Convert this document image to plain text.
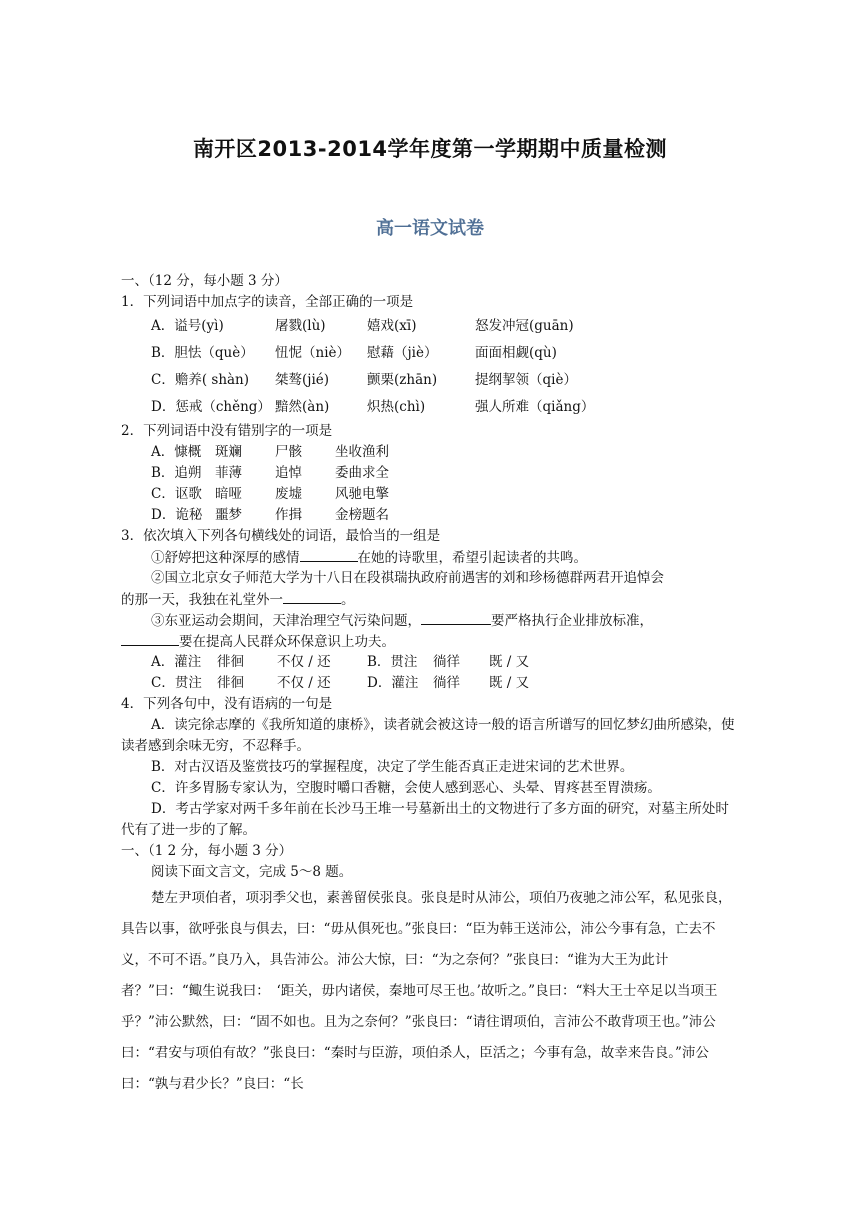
南开区2013-2014学年度第一学期期中质量检测
高一语文试卷
一、（12 分，每小题 3 分）
1．下列词语中加点字的读音，全部正确的一项是
A．谥号(yì)	屠戮(lù)	嬉戏(xī)	怒发冲冠(guān)
B．胆怯（què） 忸怩（niè） 慰藉（jiè）	面面相觑(qù)
C．赡养( shàn) 桀骜(jié)	颤栗(zhān)	提纲挈领（qiè）
D．惩戒（chěng） 黯然(àn)	炽热(chì)	强人所难（qiǎng）
2．下列词语中没有错别字的一项是
A．慷概 斑斓 尸骸 坐收渔利
B．追朔 菲薄 追悼 委曲求全
C．讴歌 暗哑 废墟 风驰电擎
D．诡秘 噩梦 作揖 金榜题名
3．依次填入下列各句横线处的词语，最恰当的一组是
①舒婷把这种深厚的感情	在她的诗歌里，希望引起读者的共鸣。
②国立北京女子师范大学为十八日在段祺瑞执政府前遇害的刘和珍杨德群两君开追悼会
的那一天，我独在礼堂外一	。
③东亚运动会期间，天津治理空气污染问题，	要严格执行企业排放标准，
要在提高人民群众环保意识上功夫。
A．灌注 徘徊 不仅 / 还	B．贯注 徜徉 既 / 又
C．贯注 徘徊 不仅 / 还	D．灌注 徜徉 既 / 又
4．下列各句中，没有语病的一句是
A．读完徐志摩的《我所知道的康桥》，读者就会被这诗一般的语言所谱写的回忆梦幻曲所感染，使读者感到余味无穷，不忍释手。
B．对古汉语及鉴赏技巧的掌握程度，决定了学生能否真正走进宋词的艺术世界。
C．许多胃肠专家认为，空腹时嚼口香糖，会使人感到恶心、头晕、胃疼甚至胃溃疡。
D．考古学家对两千多年前在长沙马王堆一号墓新出土的文物进行了多方面的研究，对墓主所处时代有了进一步的了解。
一、（1 2 分，每小题 3 分）
阅读下面文言文，完成 5～8 题。
楚左尹项伯者，项羽季父也，素善留侯张良。张良是时从沛公，项伯乃夜驰之沛公军，私见张良，具告以事，欲呼张良与俱去，曰：“毋从俱死也。”张良曰：“臣为韩王送沛公，沛公今事有急，亡去不义，不可不语。”良乃入，具告沛公。沛公大惊，曰：“为之奈何？”张良曰：“谁为大王为此计者？”曰：“鲰生说我曰：　‘距关，毋内诸侯，秦地可尽王也。’故听之。”良曰：“料大王士卒足以当项王乎？”沛公默然，曰：“固不如也。且为之奈何？”张良曰：“请往谓项伯，言沛公不敢背项王也。”沛公曰：“君安与项伯有故？”张良曰：“秦时与臣游，项伯杀人，臣活之；今事有急，故幸来告良。”沛公曰：“孰与君少长？”良曰：“长
